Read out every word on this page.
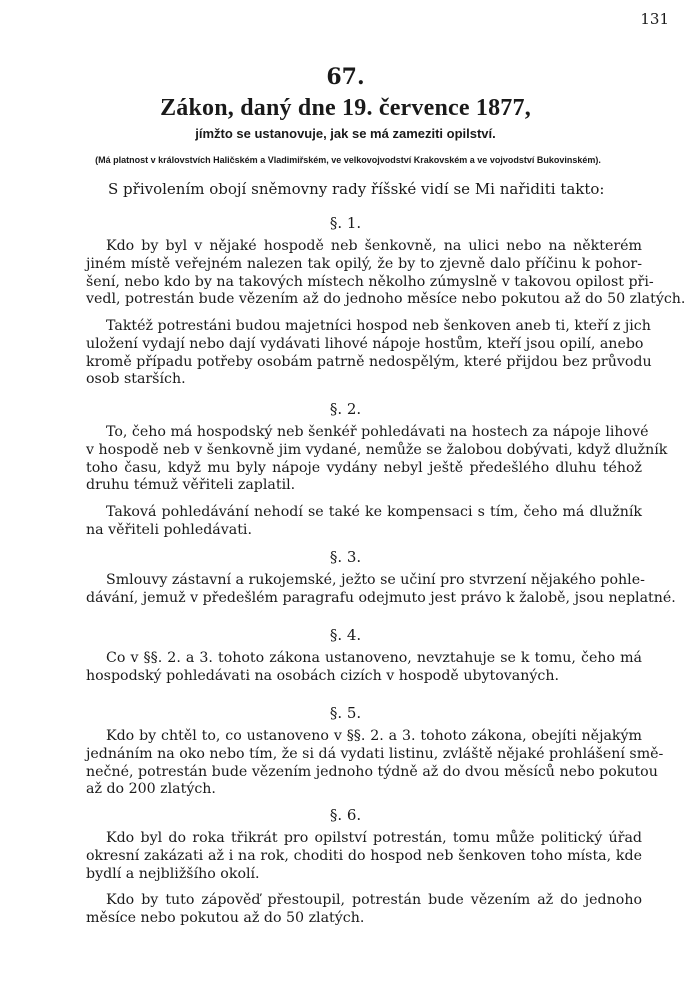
131
67.
Zákon, daný dne 19. července 1877,
jímžto se ustanovuje, jak se má zameziti opilství.
(Má platnost v královstvích Haličském a Vladimiřském, ve velkovojvodství Krakovském a ve vojvodství Bukovinském).
S přivolením obojí sněmovny rady říšské vidí se Mi nařiditi takto:
§. 1.
Kdo by byl v nějaké hospodě neb šenkovně, na ulici nebo na některém
jiném místě veřejném nalezen tak opilý, že by to zjevně dalo příčinu k pohor-
šení, nebo kdo by na takových místech několho zúmyslně v takovou opilost při-
vedl, potrestán bude vězením až do jednoho měsíce nebo pokutou až do 50 zlatých.
Taktéž potrestáni budou majetníci hospod neb šenkoven aneb ti, kteří z jich
uložení vydají nebo dají vydávati lihové nápoje hostům, kteří jsou opilí, anebo
kromě případu potřeby osobám patrně nedospělým, které přijdou bez průvodu
osob starších.
§. 2.
To, čeho má hospodský neb šenkéř pohledávati na hostech za nápoje lihové
v hospodě neb v šenkovně jim vydané, nemůže se žalobou dobývati, když dlužník
toho času, když mu byly nápoje vydány nebyl ještě předešlého dluhu téhož
druhu témuž věřiteli zaplatil.
Taková pohledávání nehodí se také ke kompensaci s tím, čeho má dlužník
na věřiteli pohledávati.
§. 3.
Smlouvy zástavní a rukojemské, ježto se učiní pro stvrzení nějakého pohle-
dávání, jemuž v předešlém paragrafu odejmuto jest právo k žalobě, jsou neplatné.
§. 4.
Co v §§. 2. a 3. tohoto zákona ustanoveno, nevztahuje se k tomu, čeho má
hospodský pohledávati na osobách cizích v hospodě ubytovaných.
§. 5.
Kdo by chtěl to, co ustanoveno v §§. 2. a 3. tohoto zákona, obejíti nějakým
jednáním na oko nebo tím, že si dá vydati listinu, zvláště nějaké prohlášení smě-
nečné, potrestán bude vězením jednoho týdně až do dvou měsíců nebo pokutou
až do 200 zlatých.
§. 6.
Kdo byl do roka třikrát pro opilství potrestán, tomu může politický úřad
okresní zakázati až i na rok, choditi do hospod neb šenkoven toho místa, kde
bydlí a nejbližšího okolí.
Kdo by tuto zápověď přestoupil, potrestán bude vězením až do jednoho
měsíce nebo pokutou až do 50 zlatých.
